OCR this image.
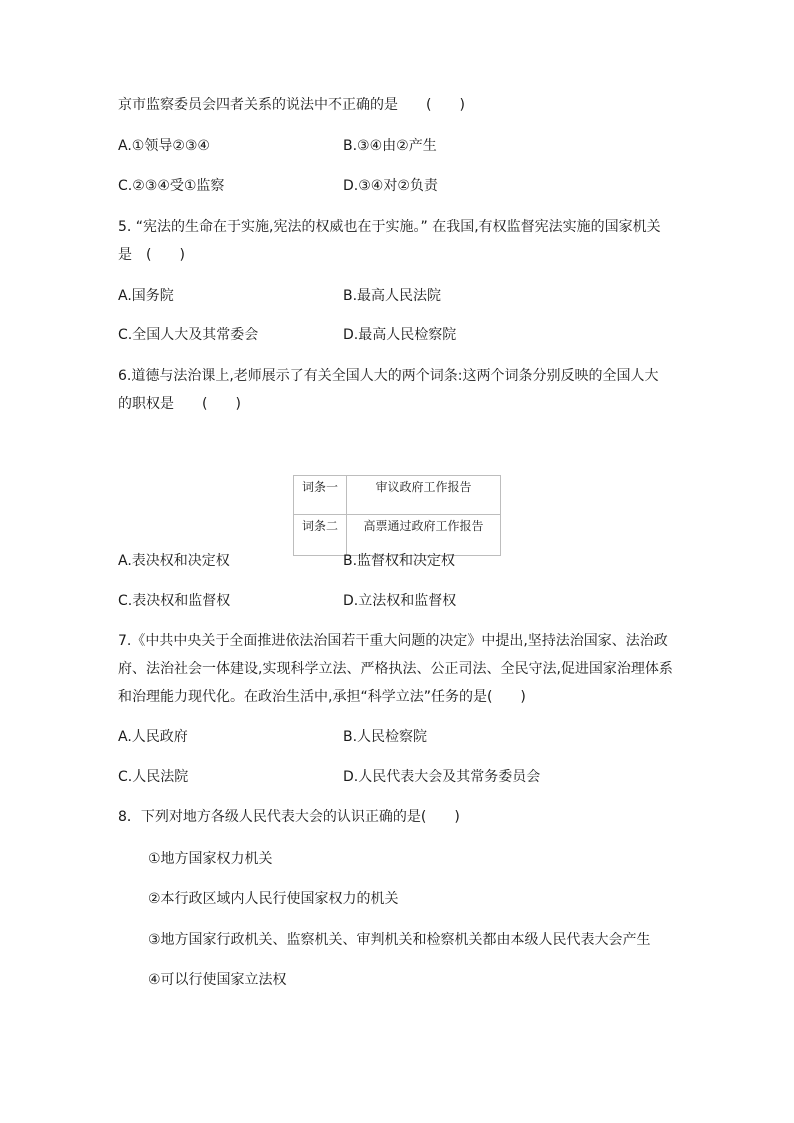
京市监察委员会四者关系的说法中不正确的是　　(　　)
A.①领导②③④	B.③④由②产生
C.②③④受①监察	D.③④对②负责
5. “宪法的生命在于实施,宪法的权威也在于实施。” 在我国,有权监督宪法实施的国家机关
是　(　　)
A.国务院	B.最高人民法院
C.全国人大及其常委会	D.最高人民检察院
6.道德与法治课上,老师展示了有关全国人大的两个词条:这两个词条分别反映的全国人大
的职权是　　(　　)
词条一	审议政府工作报告
词条二	高票通过政府工作报告
A.表决权和决定权	B.监督权和决定权
C.表决权和监督权	D.立法权和监督权
7.《中共中央关于全面推进依法治国若干重大问题的决定》中提出,坚持法治国家、法治政
府、法治社会一体建设,实现科学立法、严格执法、公正司法、全民守法,促进国家治理体系
和治理能力现代化。在政治生活中,承担“科学立法”任务的是(　　)
A.人民政府	B.人民检察院
C.人民法院	D.人民代表大会及其常务委员会
8．下列对地方各级人民代表大会的认识正确的是(　　)
①地方国家权力机关
②本行政区域内人民行使国家权力的机关
③地方国家行政机关、监察机关、审判机关和检察机关都由本级人民代表大会产生
④可以行使国家立法权
